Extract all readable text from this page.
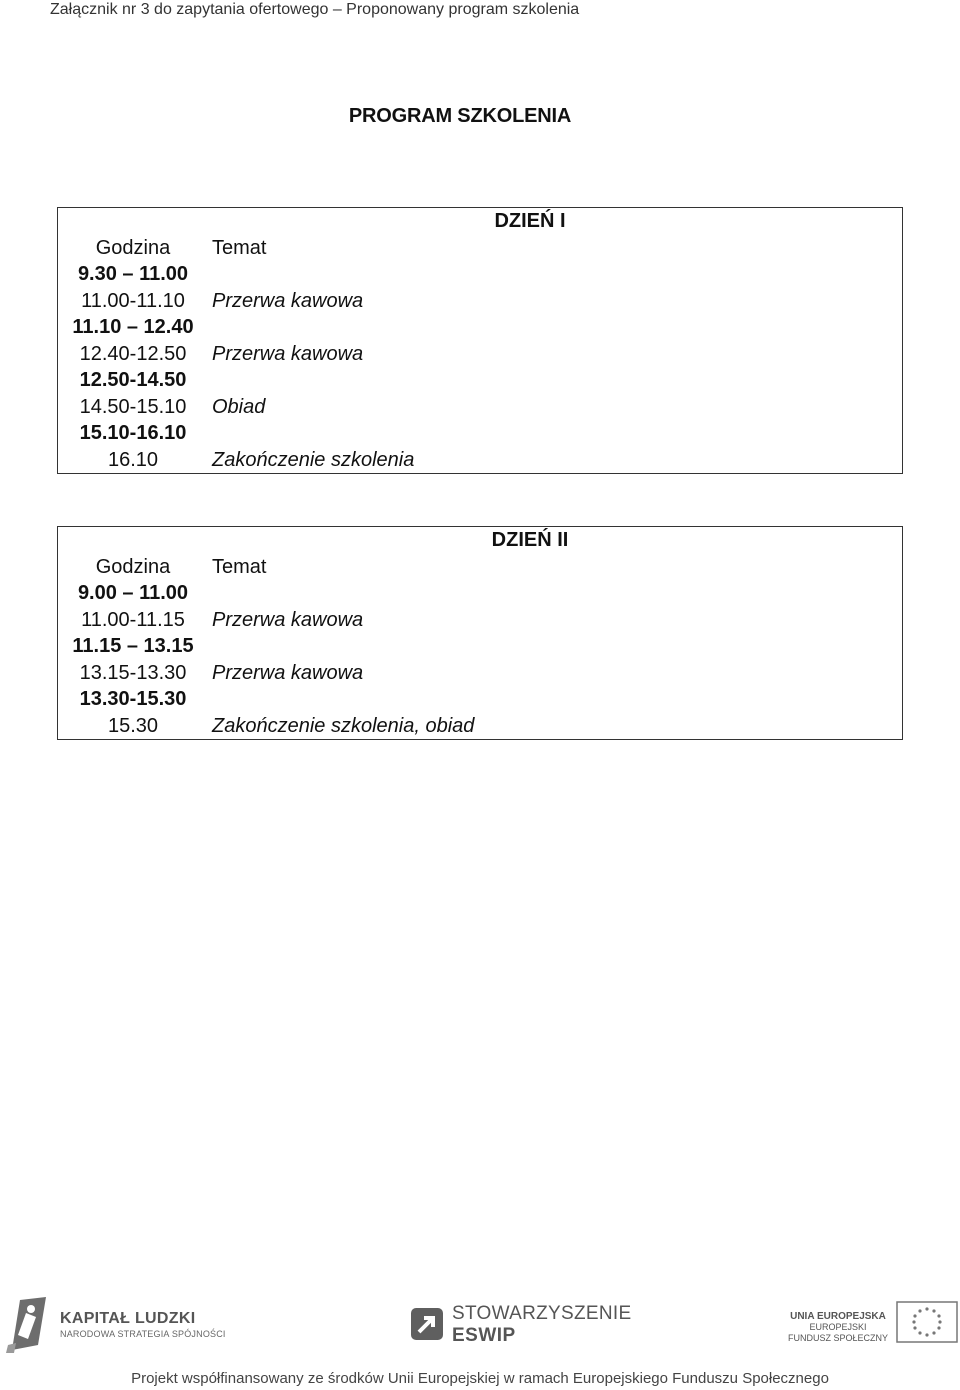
Załącznik nr 3 do zapytania ofertowego – Proponowany program szkolenia
PROGRAM SZKOLENIA
DZIEŃ I	
Godzina	Temat
9.30 – 11.00	
11.00-11.10	Przerwa kawowa
11.10 – 12.40	
12.40-12.50	Przerwa kawowa
12.50-14.50	
14.50-15.10	Obiad
15.10-16.10	
16.10	Zakończenie szkolenia
DZIEŃ II	
Godzina	Temat
9.00 – 11.00	
11.00-11.15	Przerwa kawowa
11.15 – 13.15	
13.15-13.30	Przerwa kawowa
13.30-15.30	
15.30	Zakończenie szkolenia, obiad
KAPITAŁ LUDZKI
NARODOWA STRATEGIA SPÓJNOŚCI
STOWARZYSZENIE
ESWIP
UNIA EUROPEJSKA
EUROPEJSKI
FUNDUSZ SPOŁECZNY
Projekt współfinansowany ze środków Unii Europejskiej w ramach Europejskiego Funduszu Społecznego
